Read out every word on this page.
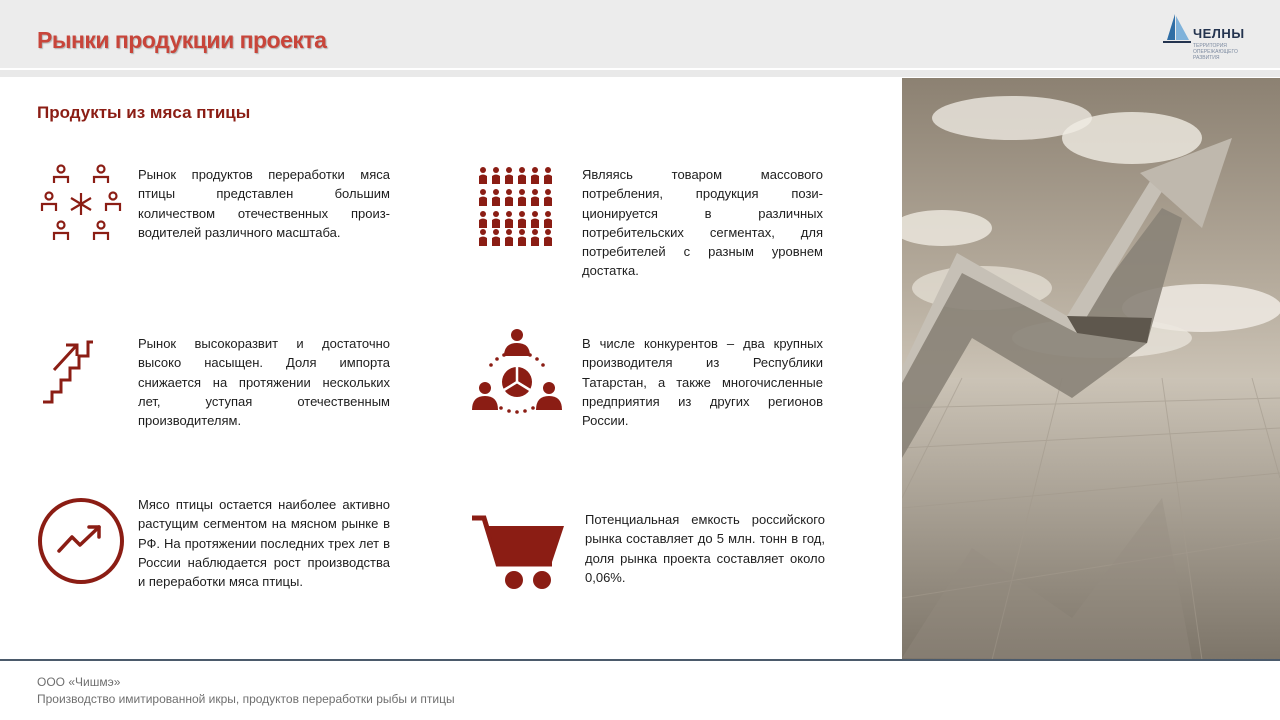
Рынки продукции проекта	ЧЕЛНЫ
ТЕРРИТОРИЯ ОПЕРЕЖАЮЩЕГО РАЗВИТИЯ
Продукты из мяса птицы
Рынок продуктов переработки мяса птицы представлен большим количеством отечественных произ-водителей различного масштаба.
Являясь товаром массового потребления, продукция пози-ционируется в различных потребительских сегментах, для потребителей с разным уровнем достатка.
Рынок высокоразвит и достаточно высоко насыщен. Доля импорта снижается на протяжении нескольких лет, уступая отечественным производителям.
В числе конкурентов – два крупных производителя из Республики Татарстан, а также многочисленные предприятия из других регионов России.
Мясо птицы остается наиболее активно растущим сегментом на мясном рынке в РФ. На протяжении последних трех лет в России наблюдается рост производства и переработки мяса птицы.
Потенциальная емкость российского рынка составляет до 5 млн. тонн в год, доля рынка проекта составляет около 0,06%.
ООО «Чишмэ»
Производство имитированной икры, продуктов переработки рыбы и птицы
